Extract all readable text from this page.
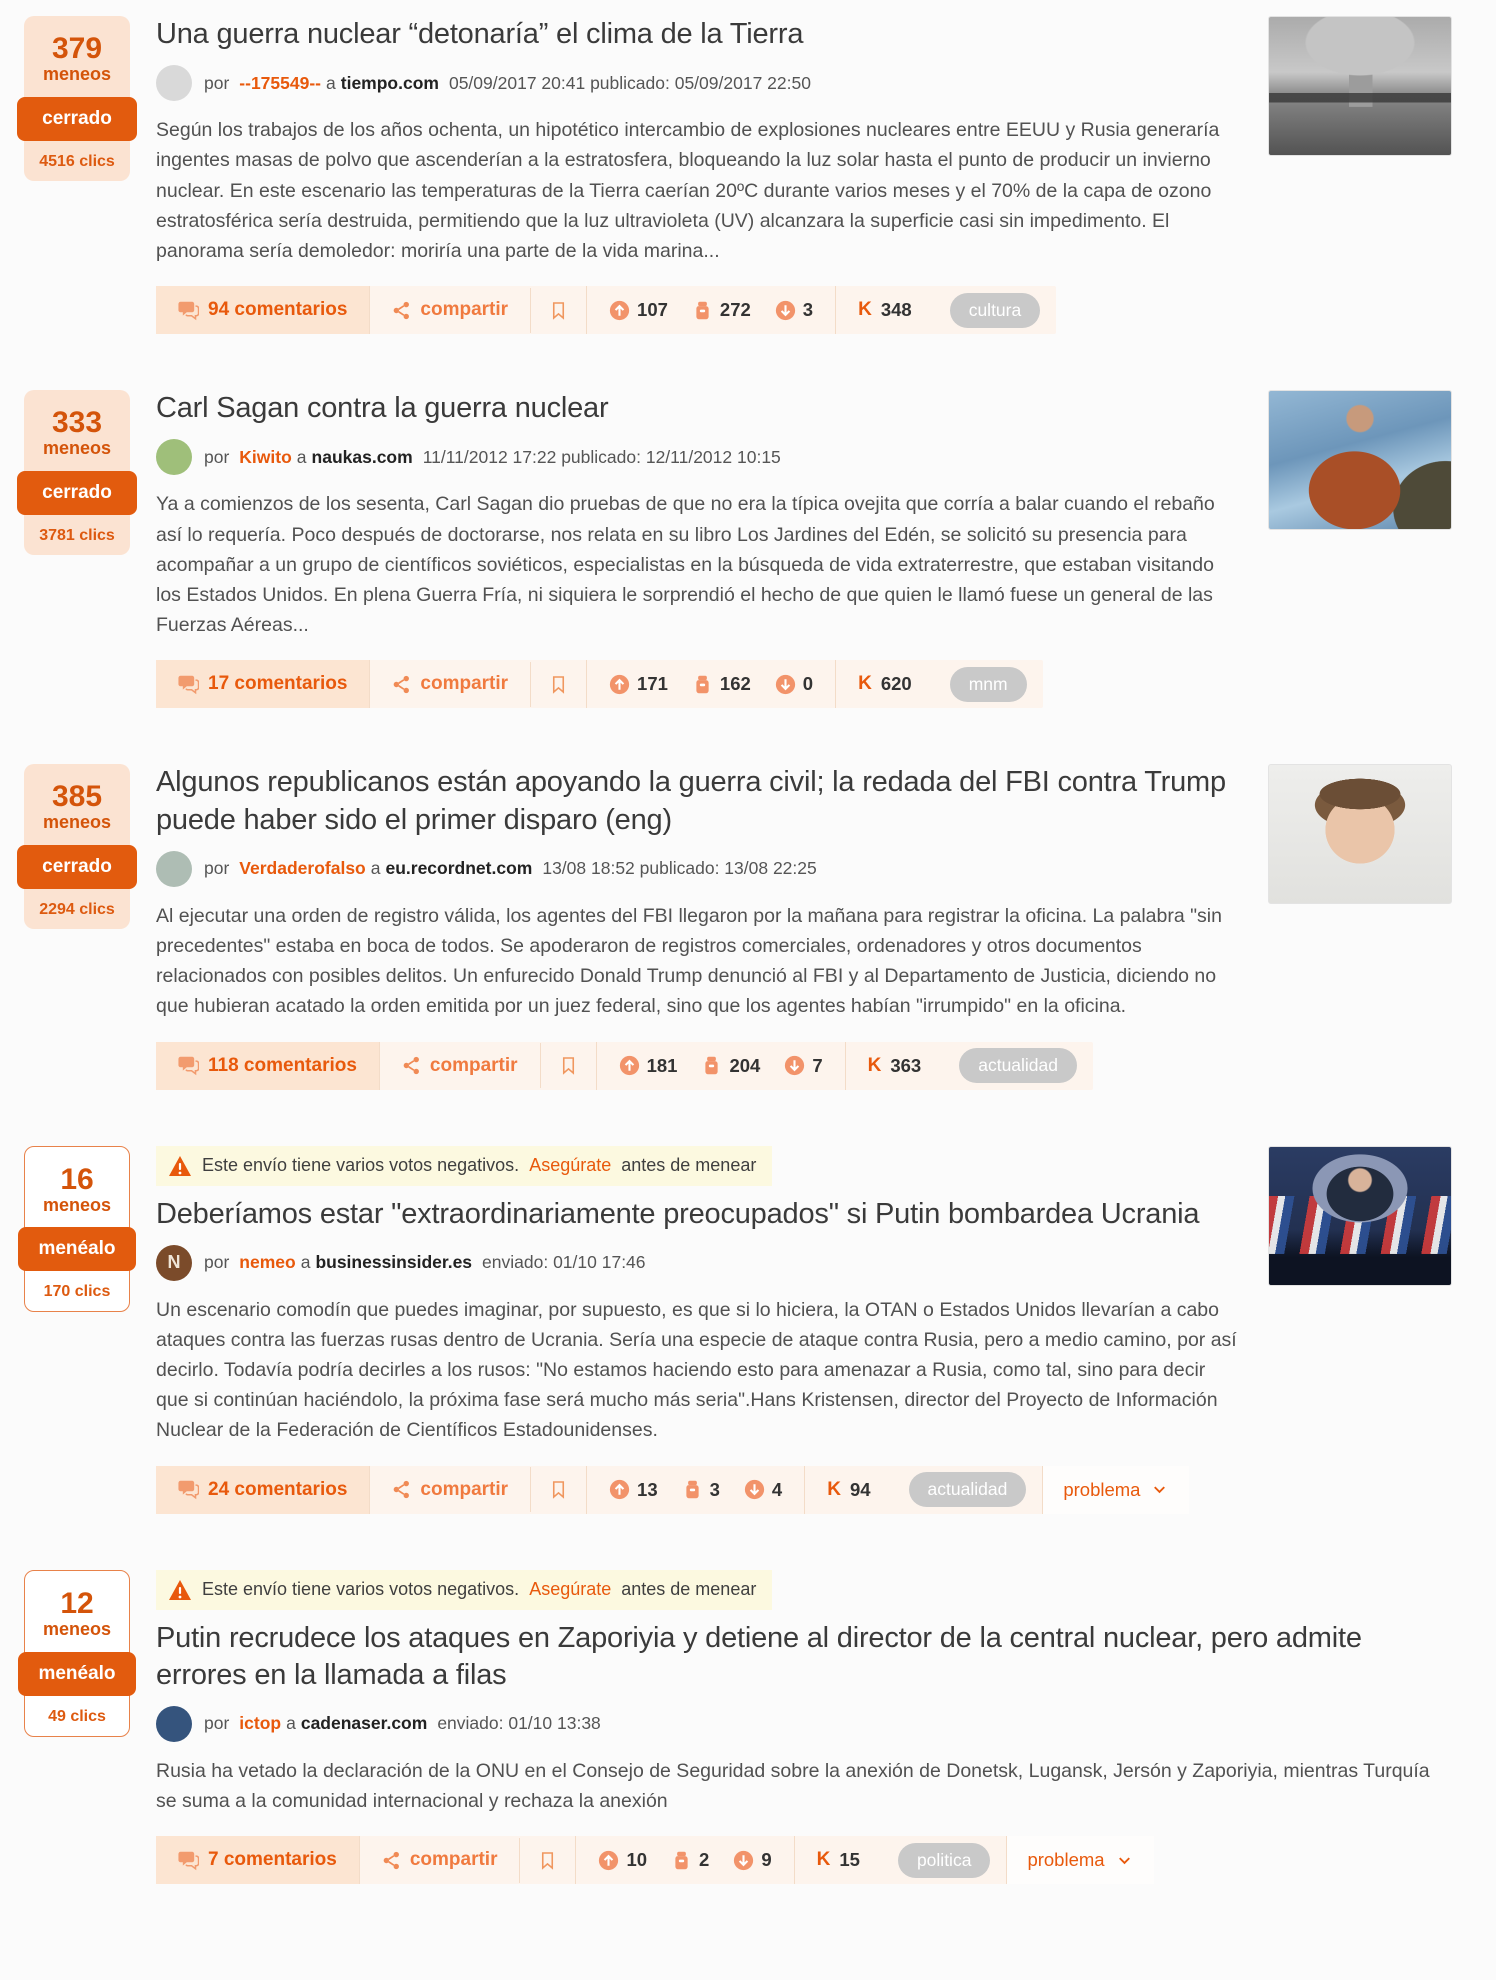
379
meneos
cerrado
4516 clics
Una guerra nuclear “detonaría” el clima de la Tierra
por --175549-- a tiempo.com 05/09/2017 20:41 publicado: 05/09/2017 22:50

Según los trabajos de los años ochenta, un hipotético intercambio de explosiones nucleares entre EEUU y Rusia generaría ingentes masas de polvo que ascenderían a la estratosfera, bloqueando la luz solar hasta el punto de producir un invierno nuclear. En este escenario las temperaturas de la Tierra caerían 20ºC durante varios meses y el 70% de la capa de ozono estratosférica sería destruida, permitiendo que la luz ultravioleta (UV) alcanzara la superficie casi sin impedimento. El panorama sería demoledor: moriría una parte de la vida marina...

94 comentarios	compartir	107	272	3 K 348	cultura
333
meneos
cerrado
3781 clics
Carl Sagan contra la guerra nuclear
por Kiwito a naukas.com 11/11/2012 17:22 publicado: 12/11/2012 10:15

Ya a comienzos de los sesenta, Carl Sagan dio pruebas de que no era la típica ovejita que corría a balar cuando el rebaño así lo requería. Poco después de doctorarse, nos relata en su libro Los Jardines del Edén, se solicitó su presencia para acompañar a un grupo de científicos soviéticos, especialistas en la búsqueda de vida extraterrestre, que estaban visitando los Estados Unidos. En plena Guerra Fría, ni siquiera le sorprendió el hecho de que quien le llamó fuese un general de las Fuerzas Aéreas...

17 comentarios	compartir	171	162	0 K 620	mnm
385
meneos
cerrado
2294 clics
Algunos republicanos están apoyando la guerra civil; la redada del FBI contra Trump puede haber sido el primer disparo (eng)
por Verdaderofalso a eu.recordnet.com 13/08 18:52 publicado: 13/08 22:25

Al ejecutar una orden de registro válida, los agentes del FBI llegaron por la mañana para registrar la oficina. La palabra "sin precedentes" estaba en boca de todos. Se apoderaron de registros comerciales, ordenadores y otros documentos relacionados con posibles delitos. Un enfurecido Donald Trump denunció al FBI y al Departamento de Justicia, diciendo no que hubieran acatado la orden emitida por un juez federal, sino que los agentes habían "irrumpido" en la oficina.

118 comentarios	compartir	181	204	7 K 363	actualidad
16
meneos
menéalo
170 clics
Este envío tiene varios votos negativos. Asegúrate antes de menear
Deberíamos estar "extraordinariamente preocupados" si Putin bombardea Ucrania
N por nemeo a businessinsider.es enviado: 01/10 17:46

Un escenario comodín que puedes imaginar, por supuesto, es que si lo hiciera, la OTAN o Estados Unidos llevarían a cabo ataques contra las fuerzas rusas dentro de Ucrania. Sería una especie de ataque contra Rusia, pero a medio camino, por así decirlo. Todavía podría decirles a los rusos: "No estamos haciendo esto para amenazar a Rusia, como tal, sino para decir que si continúan haciéndolo, la próxima fase será mucho más seria".Hans Kristensen, director del Proyecto de Información Nuclear de la Federación de Científicos Estadounidenses.

24 comentarios	compartir	13	3	4 K 94	actualidad	problema
12
meneos
menéalo
49 clics
Este envío tiene varios votos negativos. Asegúrate antes de menear
Putin recrudece los ataques en Zaporiyia y detiene al director de la central nuclear, pero admite errores en la llamada a filas
por ictop a cadenaser.com enviado: 01/10 13:38

Rusia ha vetado la declaración de la ONU en el Consejo de Seguridad sobre la anexión de Donetsk, Lugansk, Jersón y Zaporiyia, mientras Turquía se suma a la comunidad internacional y rechaza la anexión

7 comentarios	compartir	10	2	9 K 15	politica	problema
